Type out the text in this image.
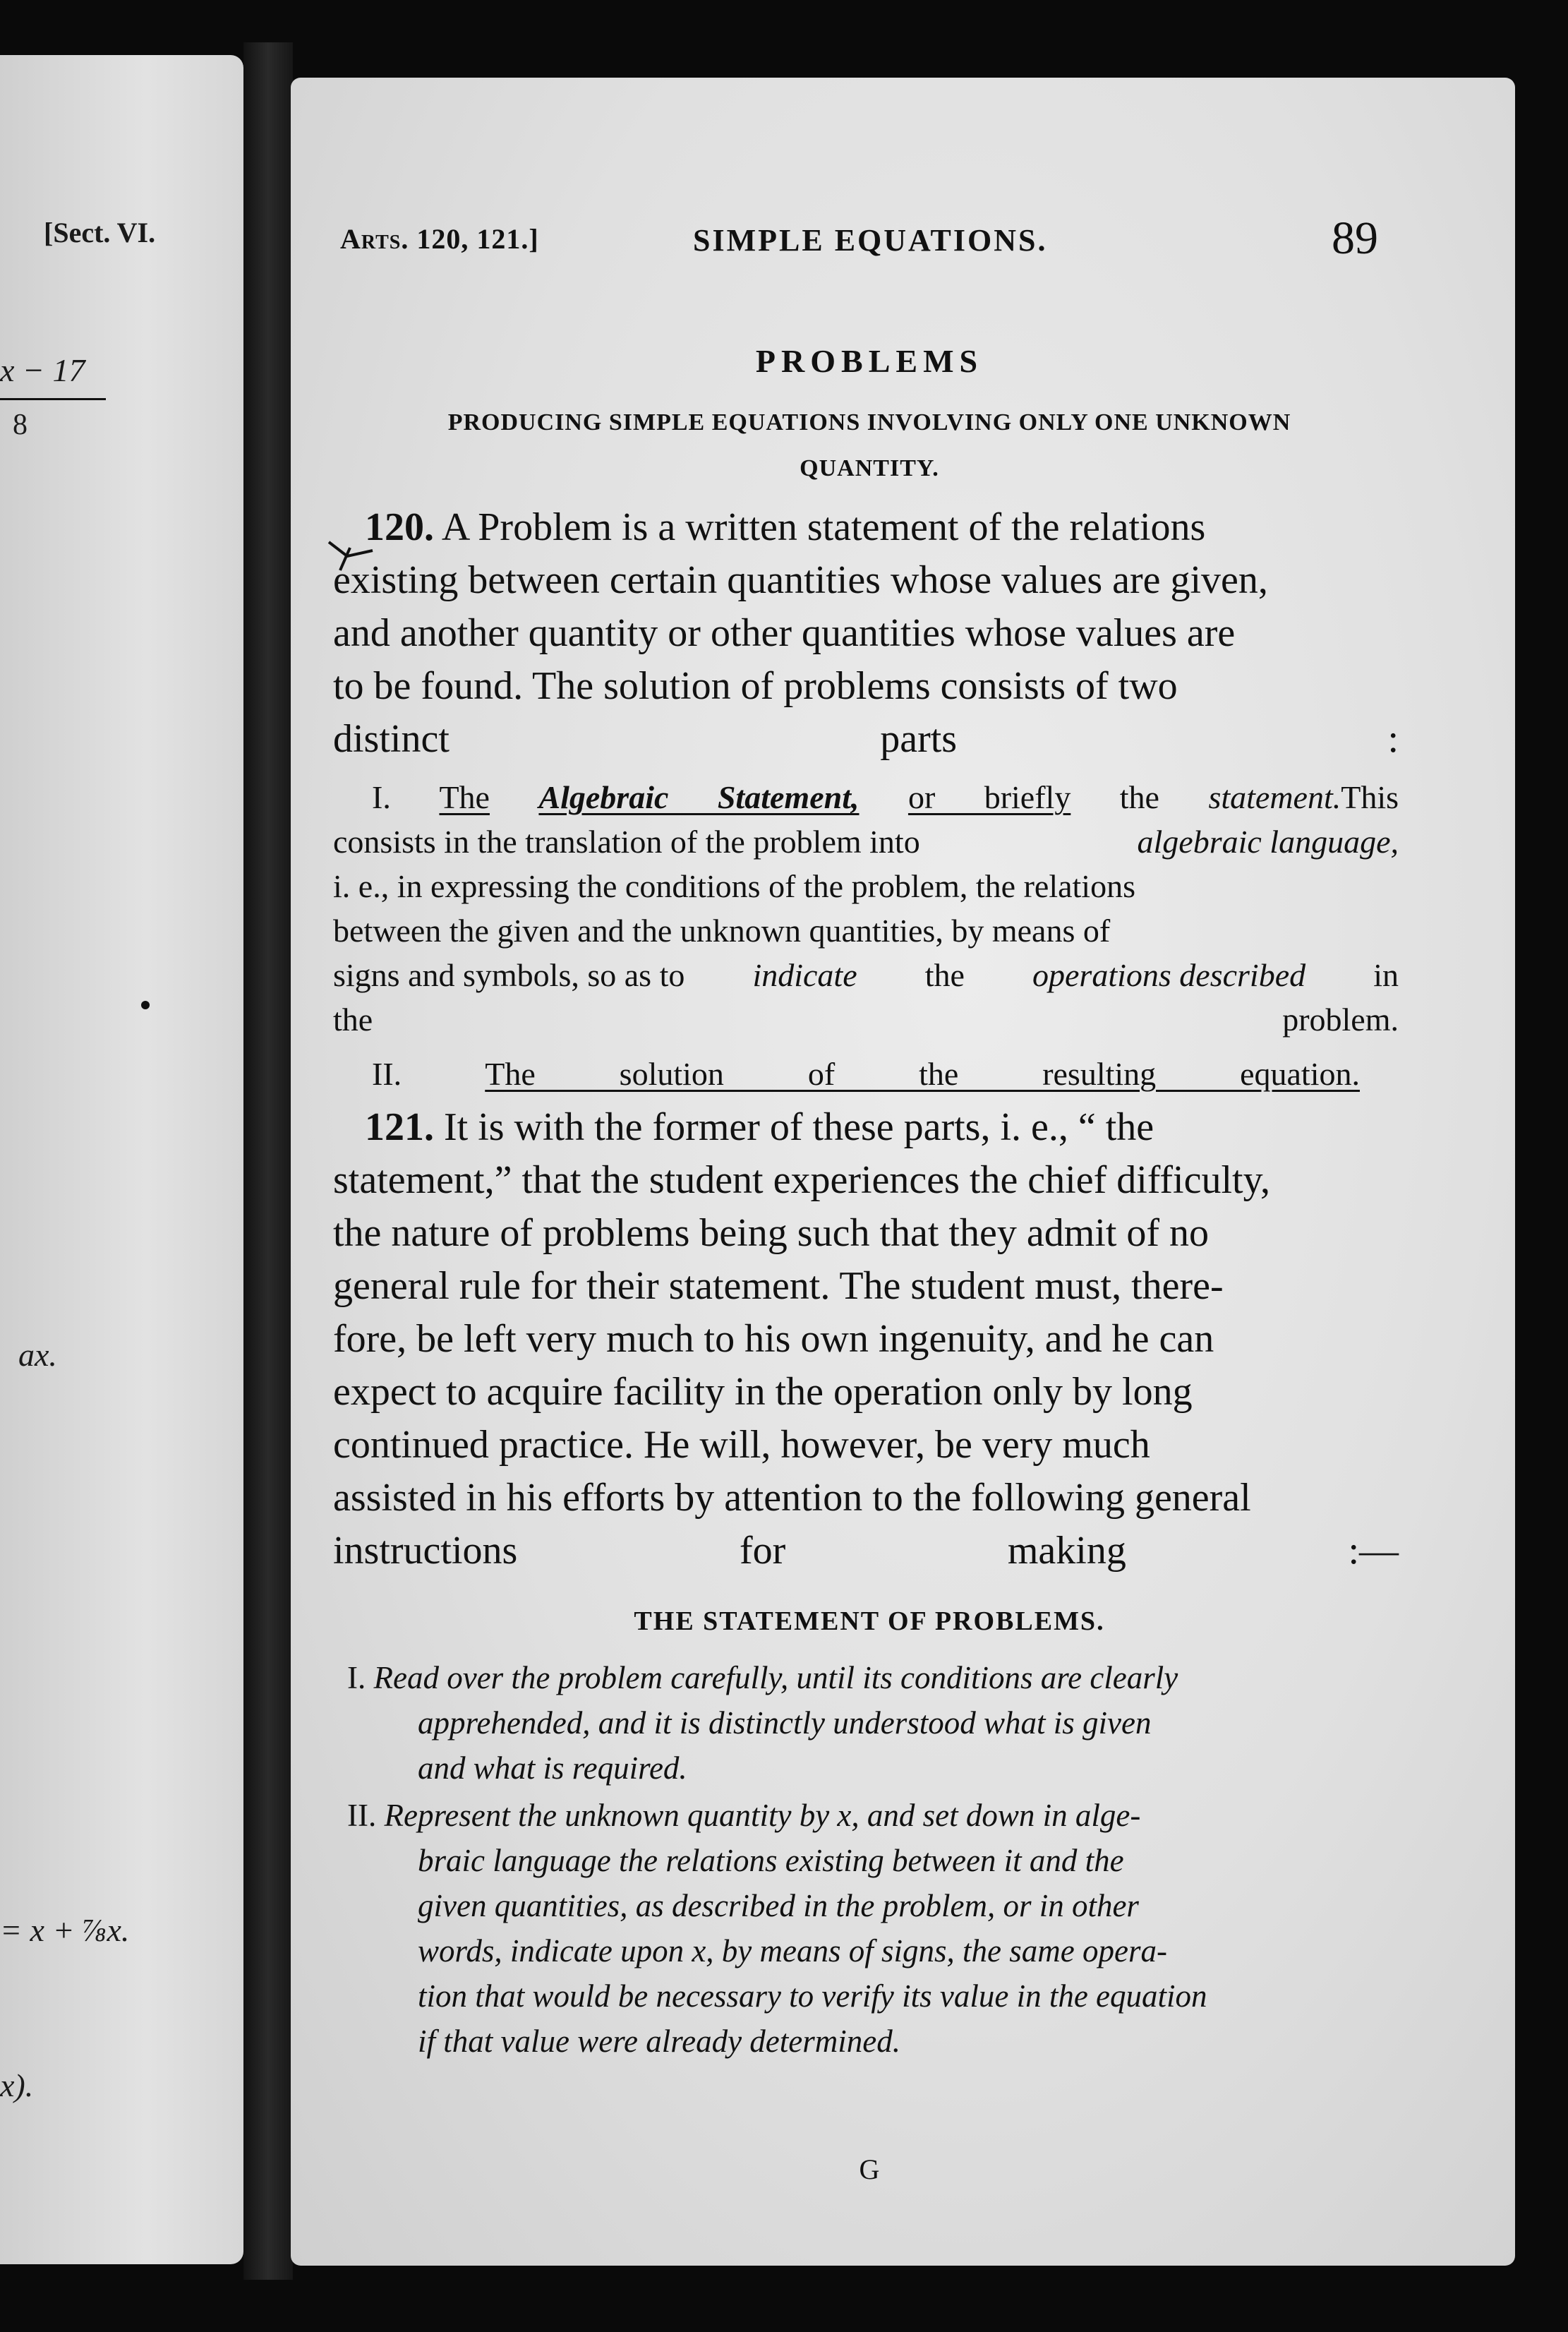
[Sect. VI.
x − 17
8
ax.
= x + ⅞x.
x).
Arts. 120, 121.]	SIMPLE EQUATIONS.	89
PROBLEMS
PRODUCING SIMPLE EQUATIONS INVOLVING ONLY ONE UNKNOWN
QUANTITY.
120. A Problem is a written statement of the relations
existing between certain quantities whose values are given,
and another quantity or other quantities whose values are
to be found. The solution of problems consists of two
distinct parts :
I. The Algebraic Statement, or briefly the statement. This
consists in the translation of the problem into	algebraic language,
i. e., in expressing the conditions of the problem, the relations
between the given and the unknown quantities, by means of
signs and symbols, so as to indicate the operations described in
the problem.
II.	The solution of the resulting equation.
121. It is with the former of these parts, i. e., “ the
statement,” that the student experiences the chief difficulty,
the nature of problems being such that they admit of no
general rule for their statement. The student must, there-
fore, be left very much to his own ingenuity, and he can
expect to acquire facility in the operation only by long
continued practice. He will, however, be very much
assisted in his efforts by attention to the following general
instructions for making :—
THE STATEMENT OF PROBLEMS.
I. Read over the problem carefully, until its conditions are clearly
apprehended, and it is distinctly understood what is given
and what is required.
II. Represent the unknown quantity by x, and set down in alge-
braic language the relations existing between it and the
given quantities, as described in the problem, or in other
words, indicate upon x, by means of signs, the same opera-
tion that would be necessary to verify its value in the equation
if that value were already determined.
G
